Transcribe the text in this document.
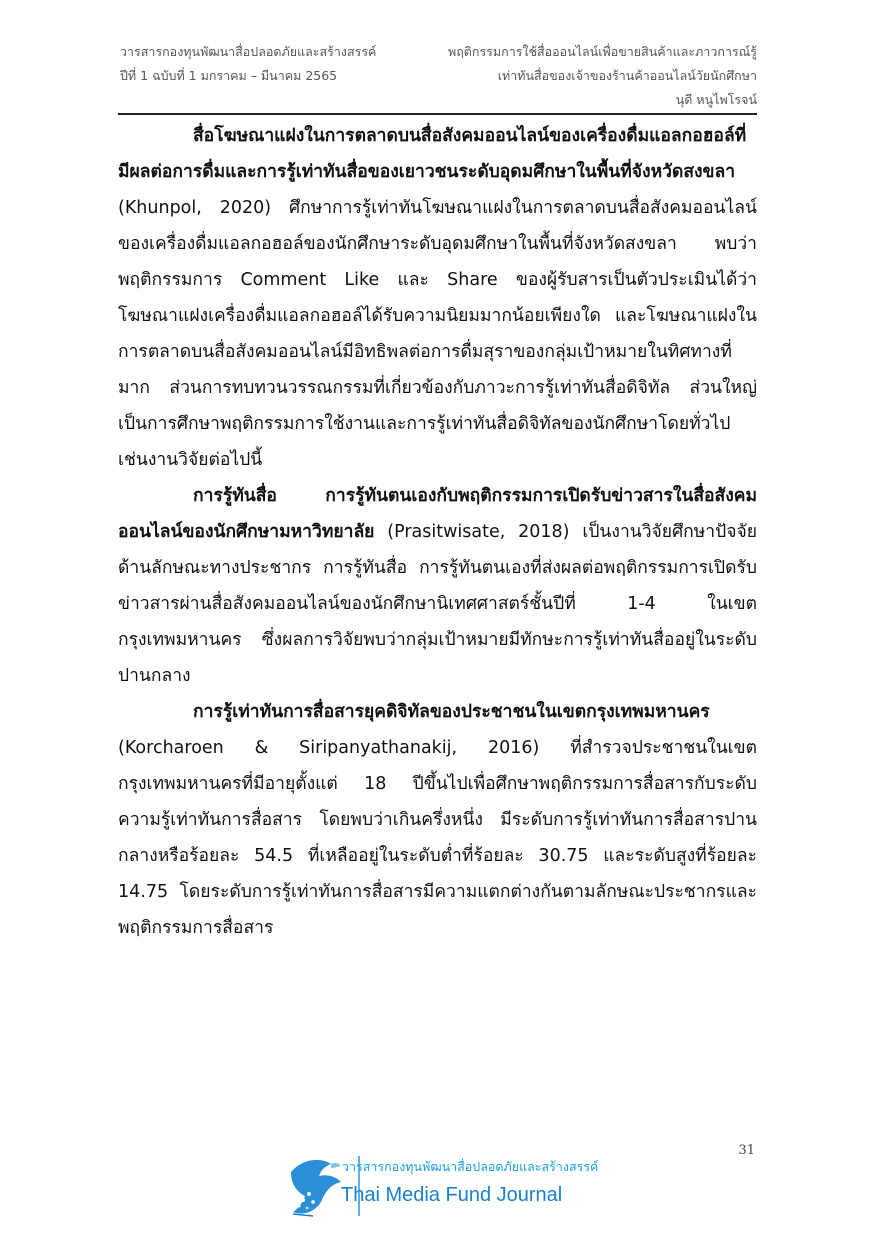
วารสารกองทุนพัฒนาสื่อปลอดภัยและสร้างสรรค์
ปีที่ 1 ฉบับที่ 1 มกราคม – มีนาคม 2565
พฤติกรรมการใช้สื่อออนไลน์เพื่อขายสินค้าและภาวการณ์รู้
เท่าทันสื่อของเจ้าของร้านค้าออนไลน์วัยนักศึกษา
นุดี หนูไพโรจน์

สื่อโฆษณาแฝงในการตลาดบนสื่อสังคมออนไลน์ของเครื่องดื่มแอลกอฮอล์ที่มีผลต่อการดื่มและการรู้เท่าทันสื่อของเยาวชนระดับอุดมศึกษาในพื้นที่จังหวัดสงขลา (Khunpol, 2020) ศึกษาการรู้เท่าทันโฆษณาแฝงในการตลาดบนสื่อสังคมออนไลน์ของเครื่องดื่มแอลกอฮอล์ของนักศึกษาระดับอุดมศึกษาในพื้นที่จังหวัดสงขลา พบว่า พฤติกรรมการ Comment Like และ Share ของผู้รับสารเป็นตัวประเมินได้ว่า โฆษณาแฝงเครื่องดื่มแอลกอฮอล์ได้รับความนิยมมากน้อยเพียงใด และโฆษณาแฝงในการตลาดบนสื่อสังคมออนไลน์มีอิทธิพลต่อการดื่มสุราของกลุ่มเป้าหมายในทิศทางที่มาก ส่วนการทบทวนวรรณกรรมที่เกี่ยวข้องกับภาวะการรู้เท่าทันสื่อดิจิทัล ส่วนใหญ่เป็นการศึกษาพฤติกรรมการใช้งานและการรู้เท่าทันสื่อดิจิทัลของนักศึกษาโดยทั่วไปเช่นงานวิจัยต่อไปนี้

การรู้ทันสื่อ การรู้ทันตนเองกับพฤติกรรมการเปิดรับข่าวสารในสื่อสังคมออนไลน์ของนักศึกษามหาวิทยาลัย (Prasitwisate, 2018) เป็นงานวิจัยศึกษาปัจจัยด้านลักษณะทางประชากร การรู้ทันสื่อ การรู้ทันตนเองที่ส่งผลต่อพฤติกรรมการเปิดรับข่าวสารผ่านสื่อสังคมออนไลน์ของนักศึกษานิเทศศาสตร์ชั้นปีที่ 1-4 ในเขตกรุงเทพมหานคร ซึ่งผลการวิจัยพบว่ากลุ่มเป้าหมายมีทักษะการรู้เท่าทันสื่ออยู่ในระดับปานกลาง

การรู้เท่าทันการสื่อสารยุคดิจิทัลของประชาชนในเขตกรุงเทพมหานคร (Korcharoen & Siripanyathanakij, 2016) ที่สำรวจประชาชนในเขตกรุงเทพมหานครที่มีอายุตั้งแต่ 18 ปีขึ้นไปเพื่อศึกษาพฤติกรรมการสื่อสารกับระดับความรู้เท่าทันการสื่อสาร โดยพบว่าเกินครึ่งหนึ่ง มีระดับการรู้เท่าทันการสื่อสารปานกลางหรือร้อยละ 54.5 ที่เหลืออยู่ในระดับต่ำที่ร้อยละ 30.75 และระดับสูงที่ร้อยละ 14.75 โดยระดับการรู้เท่าทันการสื่อสารมีความแตกต่างกันตามลักษณะประชากรและพฤติกรรมการสื่อสาร

31
วารสารกองทุนพัฒนาสื่อปลอดภัยและสร้างสรรค์
Thai Media Fund Journal
